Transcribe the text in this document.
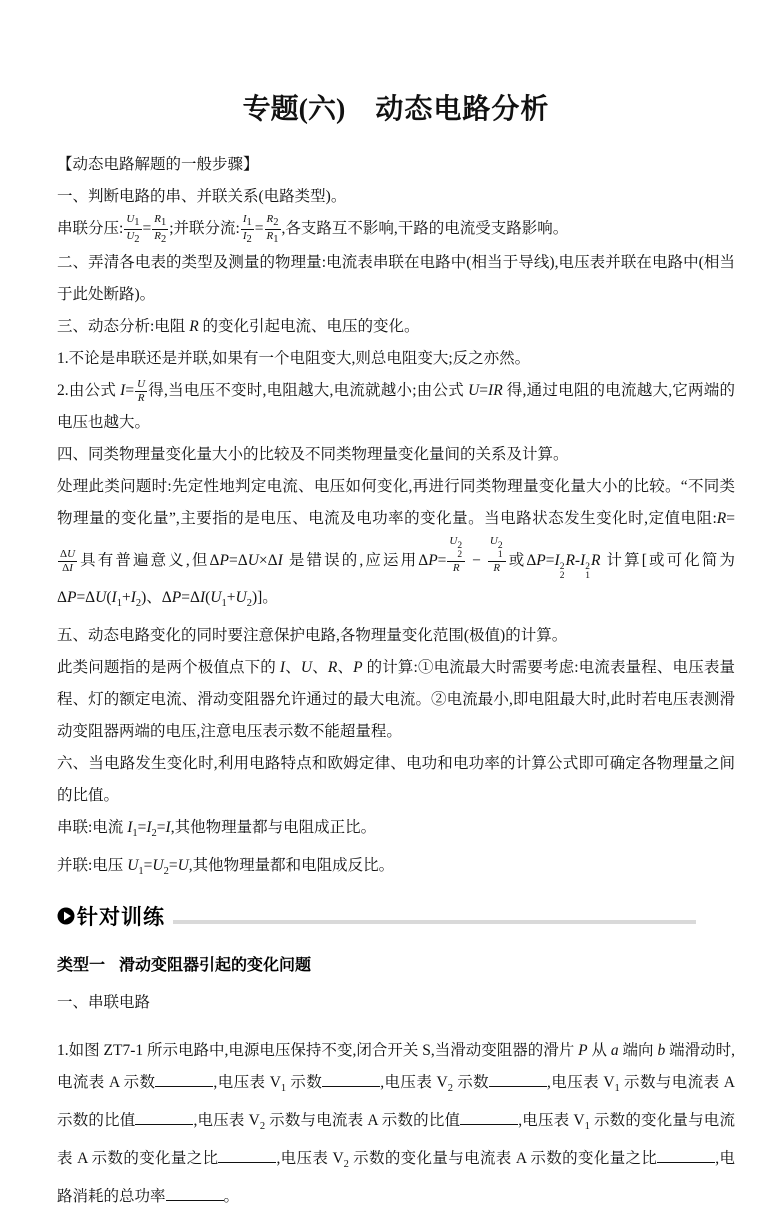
专题(六) 动态电路分析

【动态电路解题的一般步骤】

一、判断电路的串、并联关系(电路类型)。

串联分压: $\frac{U_1}{U_2} = \frac{R_1}{R_2}$ ;并联分流: $\frac{I_1}{I_2} = \frac{R_2}{R_1}$ ,各支路互不影响,干路的电流受支路影响。

二、弄清各电表的类型及测量的物理量:电流表串联在电路中(相当于导线),电压表并联在电路中(相当于此处断路)。

三、动态分析:电阻 R 的变化引起电流、电压的变化。

1.不论是串联还是并联,如果有一个电阻变大,则总电阻变大;反之亦然。

2.由公式 $I= \frac{U}{R}$ 得,当电压不变时,电阻越大,电流就越小;由公式 U=IR 得,通过电阻的电流越大,它两端的电压也越大。

四、同类物理量变化量大小的比较及不同类物理量变化量间的关系及计算。

处理此类问题时:先定性地判定电流、电压如何变化,再进行同类物理量变化量大小的比较。“不同类物理量的变化量”,主要指的是电压、电流及电功率的变化量。当电路状态发生变化时,定值电阻:R=
$\frac{\Delta U}{\Delta I}$ 具有普遍意义,但ΔP=ΔU×ΔI 是错误的,应运用ΔP= U 2
2
R − U 2
1
R 或ΔP=I 2
2
R-I 2
1
R 计算[或可化简为$\Delta P=\Delta U(I_1+I_2)$、$\Delta P=\Delta I(U_1+U_2)$]。

五、动态电路变化的同时要注意保护电路,各物理量变化范围(极值)的计算。

此类问题指的是两个极值点下的 I、U、R、P 的计算:①电流最大时需要考虑:电流表量程、电压表量程、灯的额定电流、滑动变阻器允许通过的最大电流。②电流最小,即电阻最大时,此时若电压表测滑动变阻器两端的电压,注意电压表示数不能超量程。

六、当电路发生变化时,利用电路特点和欧姆定律、电功和电功率的计算公式即可确定各物理量之间的比值。

串联:电流 $I_1=I_2=I$,其他物理量都与电阻成正比。

并联:电压 $U_1=U_2=U$,其他物理量都和电阻成反比。

针对训练
类型一 滑动变阻器引起的变化问题

一、串联电路

1.如图 ZT7-1 所示电路中,电源电压保持不变,闭合开关 S,当滑动变阻器的滑片 P 从 a 端向 b 端滑动时,电流表 A 示数	,电压表 $V_1$ 示数	,电压表 $V_2$ 示数	,电压表 $V_1$ 示数与电流表 A 示数的比值	,电压表 $V_2$ 示数与电流表 A 示数的比值	,电压表 $V_1$ 示数的变化量与电流表 A 示数的变化量之比	,电压表 $V_2$ 示数的变化量与电流表 A 示数的变化量之比	,电路消耗的总功率	。
